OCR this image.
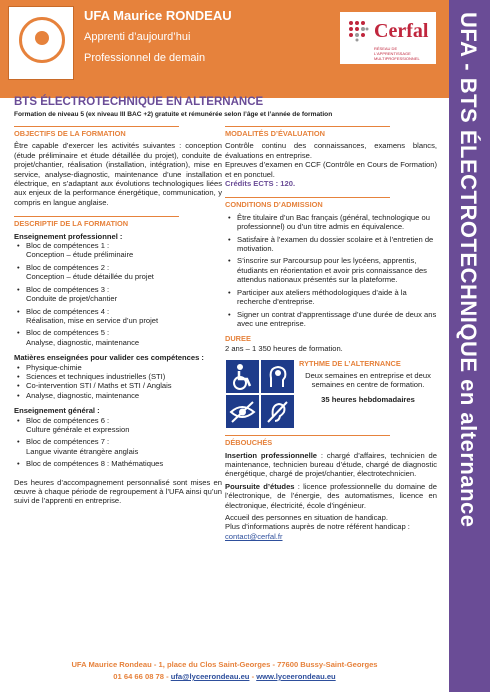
UFA Maurice RONDEAU
Apprenti d’aujourd’hui
Professionnel de demain
Cerfal
RÉSEAU DE L'APPRENTISSAGE MULTIPROFESSIONNEL	UFA - BTS ÉLECTROTECHNIQUE en alternance
BTS ÉLECTROTECHNIQUE EN ALTERNANCE
Formation de niveau 5 (ex niveau III BAC +2) gratuite et rémunérée selon l’âge et l’année de formation
OBJECTIFS DE LA FORMATION

Être capable d’exercer les activités suivantes : conception (étude préliminaire et étude détaillée du projet), conduite de projet/chantier, réalisation (installation, intégration), mise en service, analyse-diagnostic, maintenance d’une installation électrique, en s’adaptant aux évolutions technologiques liées aux enjeux de la performance énergétique, communication, y compris en langue anglaise.

DESCRIPTIF DE LA FORMATION

Enseignement professionnel :

• Bloc de compétences 1 :
Conception – étude préliminaire
• Bloc de compétences 2 :
Conception – étude détaillée du projet
• Bloc de compétences 3 :
Conduite de projet/chantier
• Bloc de compétences 4 :
Réalisation, mise en service d’un projet
• Bloc de compétences 5 :
Analyse, diagnostic, maintenance

Matières enseignées pour valider ces compétences :

• Physique-chimie
• Sciences et techniques industrielles (STI)
• Co-intervention STI / Maths et STI / Anglais
• Analyse, diagnostic, maintenance

Enseignement général :

• Bloc de compétences 6 :
Culture générale et expression
• Bloc de compétences 7 :
Langue vivante étrangère anglais
• Bloc de compétences 8 : Mathématiques

Des heures d’accompagnement personnalisé sont mises en œuvre à chaque période de regroupement à l’UFA ainsi qu’un suivi de l’apprenti en entreprise.

MODALITÉS D’ÉVALUATION

Contrôle continu des connaissances, examens blancs, évaluations en entreprise.

Epreuves d’examen en CCF (Contrôle en Cours de Formation) et en ponctuel.

Crédits ECTS : 120.

CONDITIONS D’ADMISSION
• Être titulaire d’un Bac français (général, technologique ou professionnel) ou d’un titre admis en équivalence.
• Satisfaire à l’examen du dossier scolaire et à l’entretien de motivation.
• S’inscrire sur Parcoursup pour les lycéens, apprentis, étudiants en réorientation et avoir pris connaissance des attendus nationaux présentés sur la plateforme.
• Participer aux ateliers méthodologiques d’aide à la recherche d’entreprise.
• Signer un contrat d’apprentissage d’une durée de deux ans avec une entreprise.
DUREE

2 ans – 1 350 heures de formation.

RYTHME DE L’ALTERNANCE

Deux semaines en entreprise et deux semaines en centre de formation.

35 heures hebdomadaires

DÉBOUCHÉS

Insertion professionnelle : chargé d’affaires, technicien de maintenance, technicien bureau d’étude, chargé de diagnostic énergétique, chargé de projet/chantier, électrotechnicien.

Poursuite d’études : licence professionnelle du domaine de l’électronique, de l’énergie, des automatismes, licence en électronique, électricité, école d’ingénieur.

Accueil des personnes en situation de handicap.

Plus d’informations auprès de notre référent handicap : contact@cerfal.fr

UFA Maurice Rondeau - 1, place du Clos Saint-Georges - 77600 Bussy-Saint-Georges
01 64 66 08 78 - ufa@lyceerondeau.eu - www.lyceerondeau.eu
